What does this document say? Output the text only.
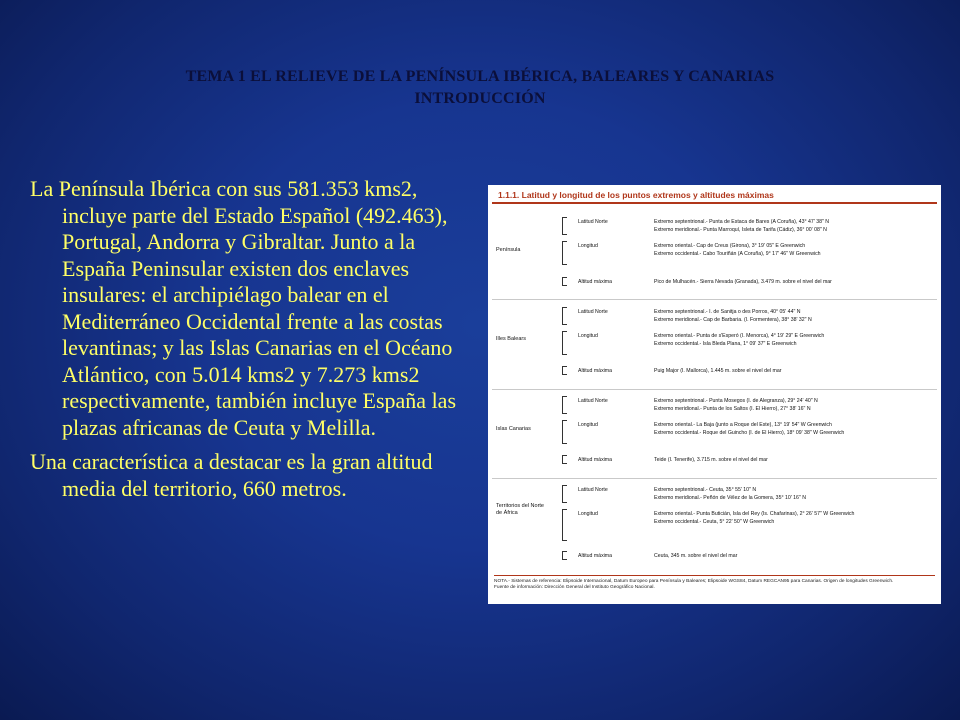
TEMA 1 EL RELIEVE DE LA PENÍNSULA IBÉRICA, BALEARES Y CANARIAS
INTRODUCCIÓN

La Península Ibérica con sus 581.353 kms2, incluye parte del Estado Español (492.463), Portugal, Andorra y Gibraltar. Junto a la España Peninsular existen dos enclaves insulares: el archipiélago balear en el Mediterráneo Occidental frente a las costas levantinas; y las Islas Canarias en el Océano Atlántico, con 5.014 kms2 y 7.273 kms2 respectivamente, también incluye España las plazas africanas de Ceuta y Melilla.

Una característica a destacar es la gran altitud media del territorio, 660 metros.

1.1.1. Latitud y longitud de los puntos extremos y altitudes máximas
Península
Latitud Norte	Extremo septentrional.- Punta de Estaca de Bares (A Coruña), 43° 47' 38" N
Extremo meridional.- Punta Marroquí, Isleta de Tarifa (Cádiz), 36° 00' 08" N
Longitud	Extremo oriental.- Cap de Creus (Girona), 3° 19' 05" E Greenwich
Extremo occidental.- Cabo Touriñán (A Coruña), 9° 17' 46" W Greenwich
Altitud máxima	Pico de Mulhacén.- Sierra Nevada (Granada), 3.479 m. sobre el nivel del mar
Illes Balears
Latitud Norte	Extremo septentrional.- I. de Sanitja o des Porros, 40° 05' 44" N
Extremo meridional.- Cap de Barbaria. (I. Formentera), 38° 38' 32" N
Longitud	Extremo oriental.- Punta de s'Esperó (I. Menorca), 4° 19' 29" E Greenwich
Extremo occidental.- Isla Bleda Plana, 1° 09' 37" E Greenwich
Altitud máxima	Puig Major (I. Mallorca), 1.445 m. sobre el nivel del mar
Islas Canarias
Latitud Norte	Extremo septentrional.- Punta Mosegos (I. de Alegranza), 29° 24' 40" N
Extremo meridional.- Punta de los Saltos (I. El Hierro), 27° 38' 16" N
Longitud	Extremo oriental.- La Baja (junto a Roque del Este), 13° 19' 54" W Greenwich
Extremo occidental.- Roque del Guincho (I. de El Hierro), 18° 09' 38" W Greenwich
Altitud máxima	Teide (I. Tenerife), 3.715 m. sobre el nivel del mar
Territorios del Norte de África
Latitud Norte	Extremo septentrional.- Ceuta, 35° 55' 10" N
Extremo meridional.- Peñón de Vélez de la Gomera, 35° 10' 16" N
Longitud	Extremo oriental.- Punta Buticián, Isla del Rey (Is. Chafarinas), 2° 26' 57" W Greenwich
Extremo occidental.- Ceuta, 5° 22' 50" W Greenwich
Altitud máxima	Ceuta, 345 m. sobre el nivel del mar
NOTA.- Sistemas de referencia: Elipsoide Internacional, Datum Europeo para Península y Baleares; Elipsoide WGS84, Datum REGCAN95 para Canarias. Origen de longitudes Greenwich.
Fuente de información: Dirección General del Instituto Geográfico Nacional.
